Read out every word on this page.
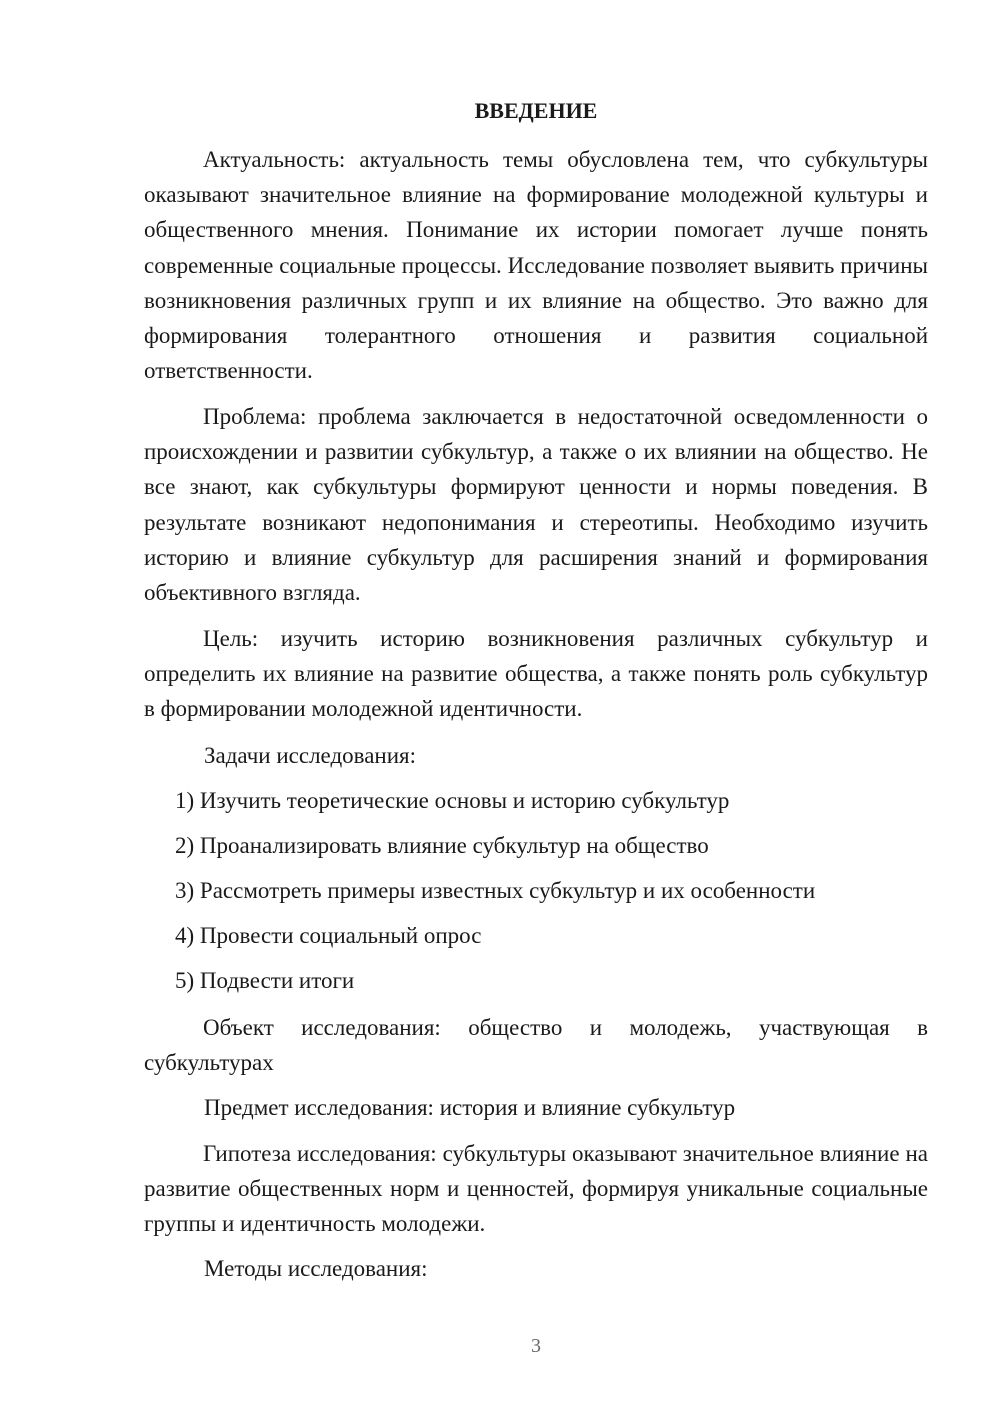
ВВЕДЕНИЕ

Актуальность: актуальность темы обусловлена тем, что субкультуры оказывают значительное влияние на формирование молодежной культуры и общественного мнения. Понимание их истории помогает лучше понять современные социальные процессы. Исследование позволяет выявить причины возникновения различных групп и их влияние на общество. Это важно для формирования толерантного отношения и развития социальной ответственности.

Проблема: проблема заключается в недостаточной осведомленности о происхождении и развитии субкультур, а также о их влиянии на общество. Не все знают, как субкультуры формируют ценности и нормы поведения. В результате возникают недопонимания и стереотипы. Необходимо изучить историю и влияние субкультур для расширения знаний и формирования объективного взгляда.

Цель: изучить историю возникновения различных субкультур и определить их влияние на развитие общества, а также понять роль субкультур в формировании молодежной идентичности.

Задачи исследования:

1) Изучить теоретические основы и историю субкультур

2) Проанализировать влияние субкультур на общество

3) Рассмотреть примеры известных субкультур и их особенности

4) Провести социальный опрос

5) Подвести итоги

Объект исследования: общество и молодежь, участвующая в субкультурах

Предмет исследования: история и влияние субкультур

Гипотеза исследования: субкультуры оказывают значительное влияние на развитие общественных норм и ценностей, формируя уникальные социальные группы и идентичность молодежи.

Методы исследования:

3
